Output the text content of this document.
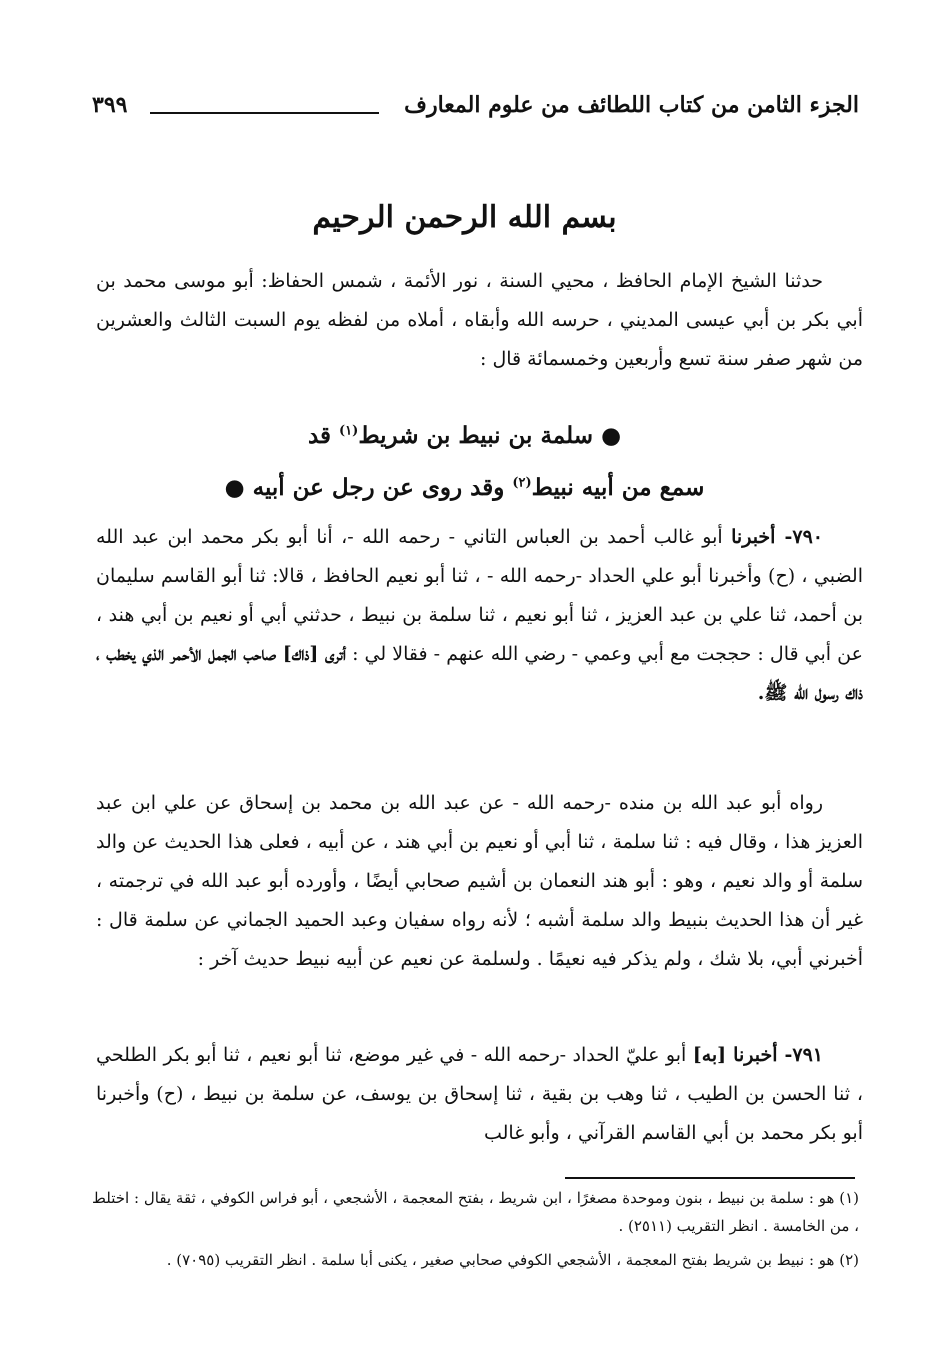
الجزء الثامن من كتاب اللطائف من علوم المعارف
٣٩٩
بسم الله الرحمن الرحيم

حدثنا الشيخ الإمام الحافظ ، محيي السنة ، نور الأئمة ، شمس الحفاظ: أبو موسى محمد بن أبي بكر بن أبي عيسى المديني ، حرسه الله وأبقاه ، أملاه من لفظه يوم السبت الثالث والعشرين من شهر صفر سنة تسع وأربعين وخمسمائة قال :

● سلمة بن نبيط بن شريط$^{(١)}$ قد
سمع من أبيه نبيط$^{(٢)}$ وقد روى عن رجل عن أبيه ●

٧٩٠- أخبرنا أبو غالب أحمد بن العباس التاني - رحمه الله -، أنا أبو بكر محمد ابن عبد الله الضبي ، (ح) وأخبرنا أبو علي الحداد -رحمه الله - ، ثنا أبو نعيم الحافظ ، قالا: ثنا أبو القاسم سليمان بن أحمد، ثنا علي بن عبد العزيز ، ثنا أبو نعيم ، ثنا سلمة بن نبيط ، حدثني أبي أو نعيم بن أبي هند ، عن أبي قال : حججت مع أبي وعمي - رضي الله عنهم - فقالا لي : أترى [ذاك] صاحب الجمل الأحمر الذي يخطب ، ذاك رسول الله ﷺ.

رواه أبو عبد الله بن منده -رحمه الله - عن عبد الله بن محمد بن إسحاق عن علي ابن عبد العزيز هذا ، وقال فيه : ثنا سلمة ، ثنا أبي أو نعيم بن أبي هند ، عن أبيه ، فعلى هذا الحديث عن والد سلمة أو والد نعيم ، وهو : أبو هند النعمان بن أشيم صحابي أيضًا ، وأورده أبو عبد الله في ترجمته ، غير أن هذا الحديث بنبيط والد سلمة أشبه ؛ لأنه رواه سفيان وعبد الحميد الجماني عن سلمة قال : أخبرني أبي، بلا شك ، ولم يذكر فيه نعيمًا . ولسلمة عن نعيم عن أبيه نبيط حديث آخر :

٧٩١- أخبرنا [به] أبو عليّ الحداد -رحمه الله - في غير موضع، ثنا أبو نعيم ، ثنا أبو بكر الطلحي ، ثنا الحسن بن الطيب ، ثنا وهب بن بقية ، ثنا إسحاق بن يوسف، عن سلمة بن نبيط ، (ح) وأخبرنا أبو بكر محمد بن أبي القاسم القرآني ، وأبو غالب

(١) هو : سلمة بن نبيط ، بنون وموحدة مصغرًا ، ابن شريط ، بفتح المعجمة ، الأشجعي ، أبو فراس الكوفي ، ثقة يقال : اختلط ، من الخامسة . انظر التقريب (٢٥١١) .

(٢) هو : نبيط بن شريط بفتح المعجمة ، الأشجعي الكوفي صحابي صغير ، يكنى أبا سلمة . انظر التقريب (٧٠٩٥) .
